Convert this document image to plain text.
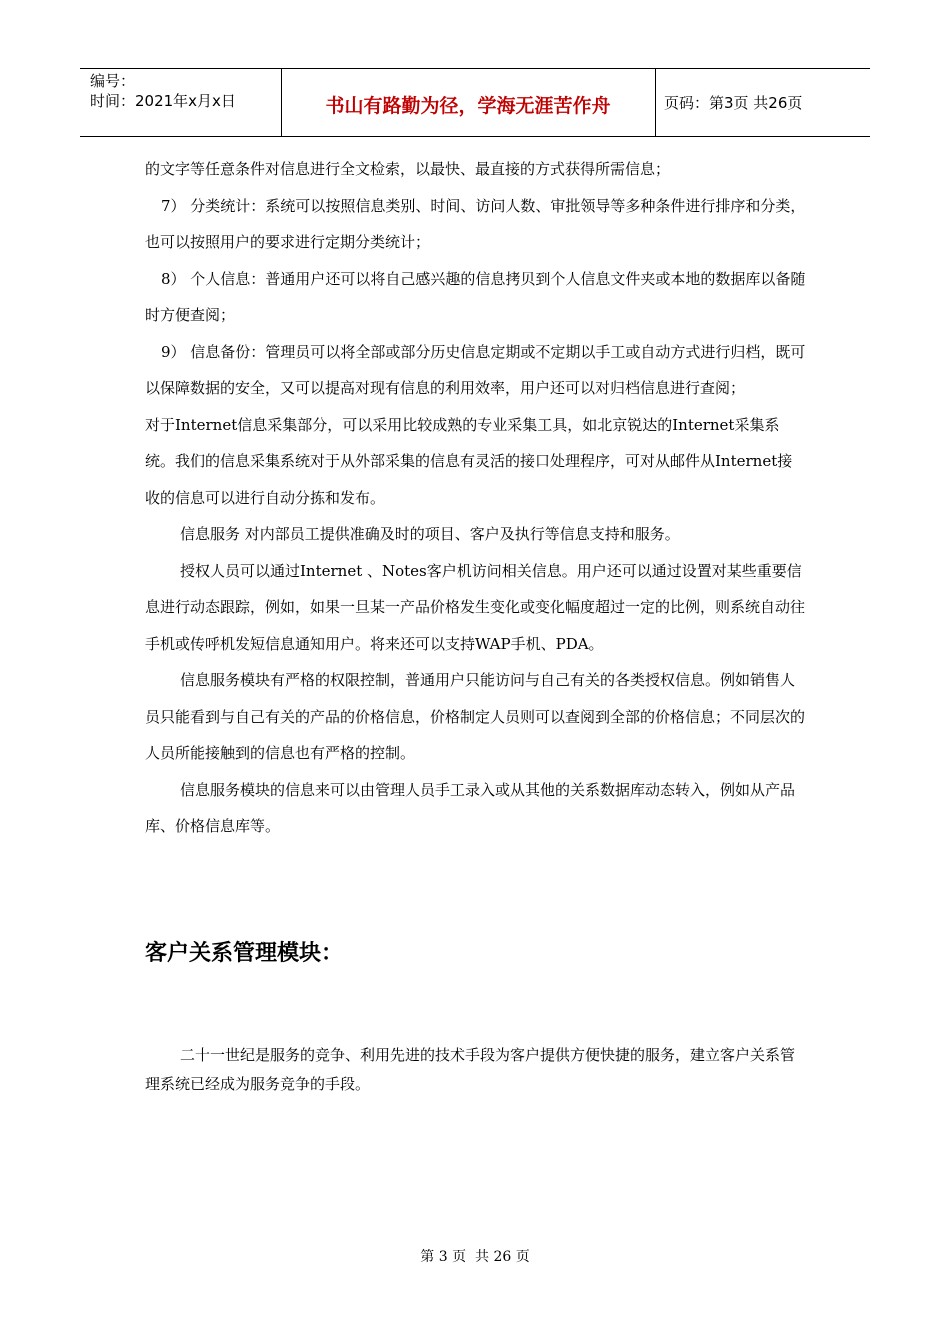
编号：
时间：2021年x月x日	书山有路勤为径，学海无涯苦作舟	页码：第3页 共26页

的文字等任意条件对信息进行全文检索，以最快、最直接的方式获得所需信息；

7） 分类统计：系统可以按照信息类别、时间、访问人数、审批领导等多种条件进行排序和分类，也可以按照用户的要求进行定期分类统计；

8） 个人信息：普通用户还可以将自己感兴趣的信息拷贝到个人信息文件夹或本地的数据库以备随时方便查阅；

9） 信息备份：管理员可以将全部或部分历史信息定期或不定期以手工或自动方式进行归档，既可以保障数据的安全，又可以提高对现有信息的利用效率，用户还可以对归档信息进行查阅；

对于Internet信息采集部分，可以采用比较成熟的专业采集工具，如北京锐达的Internet采集系统。我们的信息采集系统对于从外部采集的信息有灵活的接口处理程序，可对从邮件从Internet接收的信息可以进行自动分拣和发布。

信息服务 对内部员工提供准确及时的项目、客户及执行等信息支持和服务。

授权人员可以通过Internet 、Notes客户机访问相关信息。用户还可以通过设置对某些重要信息进行动态跟踪，例如，如果一旦某一产品价格发生变化或变化幅度超过一定的比例，则系统自动往手机或传呼机发短信息通知用户。将来还可以支持WAP手机、PDA。

信息服务模块有严格的权限控制，普通用户只能访问与自己有关的各类授权信息。例如销售人员只能看到与自己有关的产品的价格信息，价格制定人员则可以查阅到全部的价格信息；不同层次的人员所能接触到的信息也有严格的控制。

信息服务模块的信息来可以由管理人员手工录入或从其他的关系数据库动态转入，例如从产品库、价格信息库等。

客户关系管理模块：
二十一世纪是服务的竞争、利用先进的技术手段为客户提供方便快捷的服务，建立客户关系管理系统已经成为服务竞争的手段。
第 3 页  共 26 页
